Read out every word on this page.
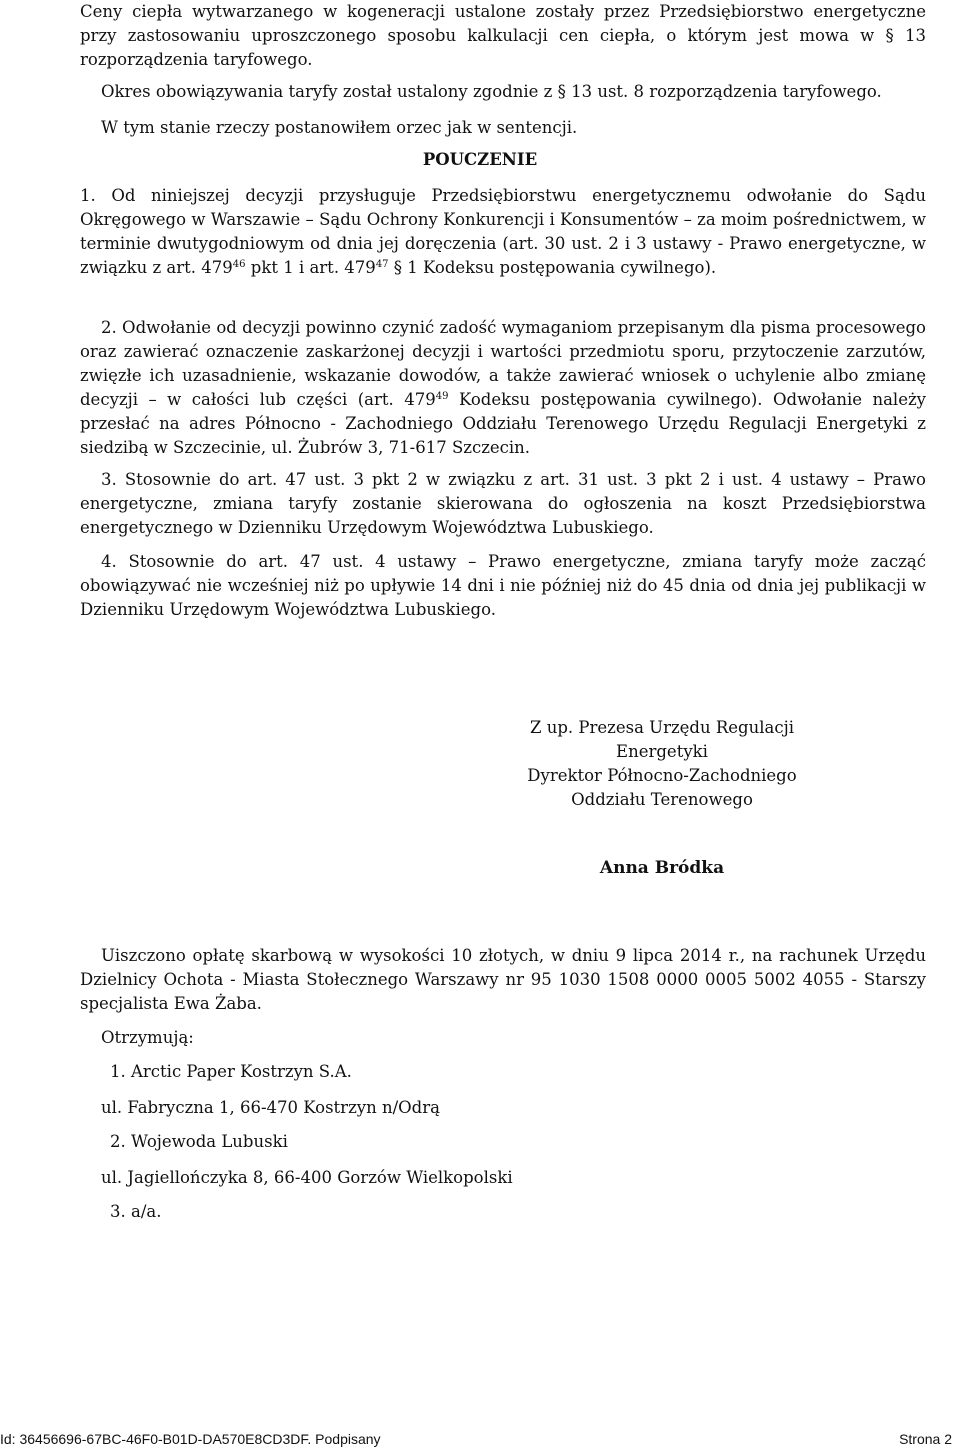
Ceny ciepła wytwarzanego w kogeneracji ustalone zostały przez Przedsiębiorstwo energetyczne przy zastosowaniu uproszczonego sposobu kalkulacji cen ciepła, o którym jest mowa w § 13 rozporządzenia taryfowego.
Okres obowiązywania taryfy został ustalony zgodnie z § 13 ust. 8 rozporządzenia taryfowego.
W tym stanie rzeczy postanowiłem orzec jak w sentencji.
POUCZENIE
1. Od niniejszej decyzji przysługuje Przedsiębiorstwu energetycznemu odwołanie do Sądu Okręgowego w Warszawie – Sądu Ochrony Konkurencji i Konsumentów – za moim pośrednictwem, w terminie dwutygodniowym od dnia jej doręczenia (art. 30 ust. 2 i 3 ustawy - Prawo energetyczne, w związku z art. $479^{46}$ pkt 1 i art. $479^{47}$ § 1 Kodeksu postępowania cywilnego).
2. Odwołanie od decyzji powinno czynić zadość wymaganiom przepisanym dla pisma procesowego oraz zawierać oznaczenie zaskarżonej decyzji i wartości przedmiotu sporu, przytoczenie zarzutów, zwięzłe ich uzasadnienie, wskazanie dowodów, a także zawierać wniosek o uchylenie albo zmianę decyzji – w całości lub części (art. $479^{49}$ Kodeksu postępowania cywilnego). Odwołanie należy przesłać na adres Północno - Zachodniego Oddziału Terenowego Urzędu Regulacji Energetyki z siedzibą w Szczecinie, ul. Żubrów 3, 71-617 Szczecin.
3. Stosownie do art. 47 ust. 3 pkt 2 w związku z art. 31 ust. 3 pkt 2 i ust. 4 ustawy – Prawo energetyczne, zmiana taryfy zostanie skierowana do ogłoszenia na koszt Przedsiębiorstwa energetycznego w Dzienniku Urzędowym Województwa Lubuskiego.
4. Stosownie do art. 47 ust. 4 ustawy – Prawo energetyczne, zmiana taryfy może zacząć obowiązywać nie wcześniej niż po upływie 14 dni i nie później niż do 45 dnia od dnia jej publikacji w Dzienniku Urzędowym Województwa Lubuskiego.
Z up. Prezesa Urzędu Regulacji
Energetyki
Dyrektor Północno-Zachodniego
Oddziału Terenowego
Anna Bródka
Uiszczono opłatę skarbową w wysokości 10 złotych, w dniu 9 lipca 2014 r., na rachunek Urzędu Dzielnicy Ochota - Miasta Stołecznego Warszawy nr 95 1030 1508 0000 0005 5002 4055 - Starszy specjalista Ewa Żaba.
Otrzymują:
1. Arctic Paper Kostrzyn S.A.
ul. Fabryczna 1, 66-470 Kostrzyn n/Odrą
2. Wojewoda Lubuski
ul. Jagiellończyka 8, 66-400 Gorzów Wielkopolski
3. a/a.
Id: 36456696-67BC-46F0-B01D-DA570E8CD3DF. Podpisany	Strona 2
